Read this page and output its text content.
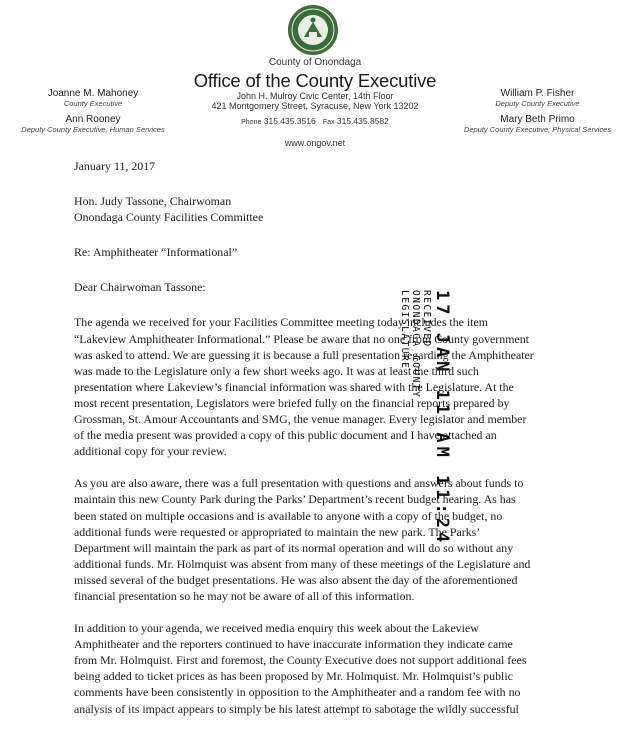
County of Onondaga
Office of the County Executive
John H. Mulroy Civic Center, 14th Floor
421 Montgomery Street, Syracuse, New York 13202
Phone 315.435.3516 Fax 315.435.8582
www.ongov.net
Joanne M. Mahoney
County Executive
Ann Rooney
Deputy County Executive, Human Services
William P. Fisher
Deputy County Executive
Mary Beth Primo
Deputy County Executive, Physical Services
17 JAN 11 AM 11:24
RECEIVED
ONONDAGA COUNTY
LEGISLATURE

January 11, 2017

Hon. Judy Tassone, Chairwoman

Onondaga County Facilities Committee

Re: Amphitheater “Informational”

Dear Chairwoman Tassone:

The agenda we received for your Facilities Committee meeting today includes the item

“Lakeview Amphitheater Informational.” Please be aware that no one from County government

was asked to attend. We are guessing it is because a full presentation regarding the Amphitheater

was made to the Legislature only a few short weeks ago. It was at least the third such

presentation where Lakeview’s financial information was shared with the Legislature. At the

most recent presentation, Legislators were briefed fully on the financial reports prepared by

Grossman, St. Amour Accountants and SMG, the venue manager. Every legislator and member

of the media present was provided a copy of this public document and I have attached an

additional copy for your review.

As you are also aware, there was a full presentation with questions and answers about funds to

maintain this new County Park during the Parks’ Department’s recent budget hearing. As has

been stated on multiple occasions and is available to anyone with a copy of the budget, no

additional funds were requested or appropriated to maintain the new park. The Parks’

Department will maintain the park as part of its normal operation and will do so without any

additional funds. Mr. Holmquist was absent from many of these meetings of the Legislature and

missed several of the budget presentations. He was also absent the day of the aforementioned

financial presentation so he may not be aware of all of this information.

In addition to your agenda, we received media enquiry this week about the Lakeview

Amphitheater and the reporters continued to have inaccurate information they indicate came

from Mr. Holmquist. First and foremost, the County Executive does not support additional fees

being added to ticket prices as has been proposed by Mr. Holmquist. Mr. Holmquist’s public

comments have been consistently in opposition to the Amphitheater and a random fee with no

analysis of its impact appears to simply be his latest attempt to sabotage the wildly successful
